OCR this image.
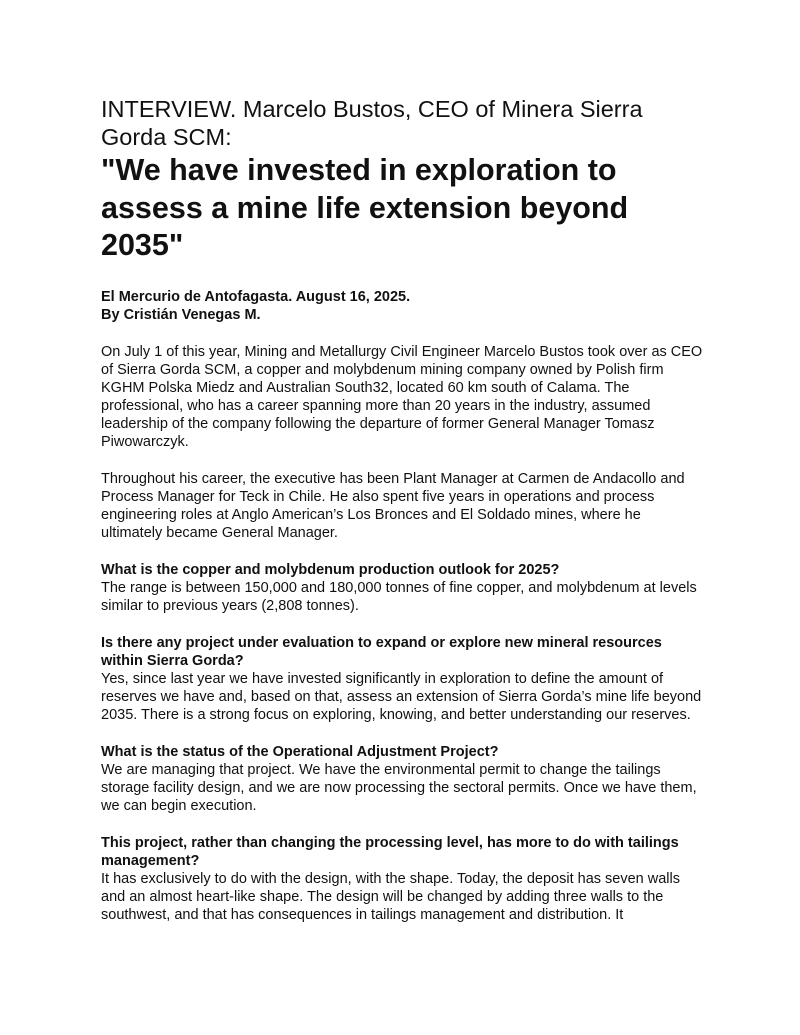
INTERVIEW. Marcelo Bustos, CEO of Minera Sierra Gorda SCM:
"We have invested in exploration to assess a mine life extension beyond 2035"
El Mercurio de Antofagasta. August 16, 2025.
By Cristián Venegas M.

On July 1 of this year, Mining and Metallurgy Civil Engineer Marcelo Bustos took over as CEO of Sierra Gorda SCM, a copper and molybdenum mining company owned by Polish firm KGHM Polska Miedz and Australian South32, located 60 km south of Calama. The professional, who has a career spanning more than 20 years in the industry, assumed leadership of the company following the departure of former General Manager Tomasz Piwowarczyk.

Throughout his career, the executive has been Plant Manager at Carmen de Andacollo and Process Manager for Teck in Chile. He also spent five years in operations and process engineering roles at Anglo American’s Los Bronces and El Soldado mines, where he ultimately became General Manager.

What is the copper and molybdenum production outlook for 2025?
The range is between 150,000 and 180,000 tonnes of fine copper, and molybdenum at levels similar to previous years (2,808 tonnes).
Is there any project under evaluation to expand or explore new mineral resources within Sierra Gorda?
Yes, since last year we have invested significantly in exploration to define the amount of reserves we have and, based on that, assess an extension of Sierra Gorda’s mine life beyond 2035. There is a strong focus on exploring, knowing, and better understanding our reserves.
What is the status of the Operational Adjustment Project?
We are managing that project. We have the environmental permit to change the tailings storage facility design, and we are now processing the sectoral permits. Once we have them, we can begin execution.
This project, rather than changing the processing level, has more to do with tailings management?
It has exclusively to do with the design, with the shape. Today, the deposit has seven walls and an almost heart-like shape. The design will be changed by adding three walls to the southwest, and that has consequences in tailings management and distribution. It
